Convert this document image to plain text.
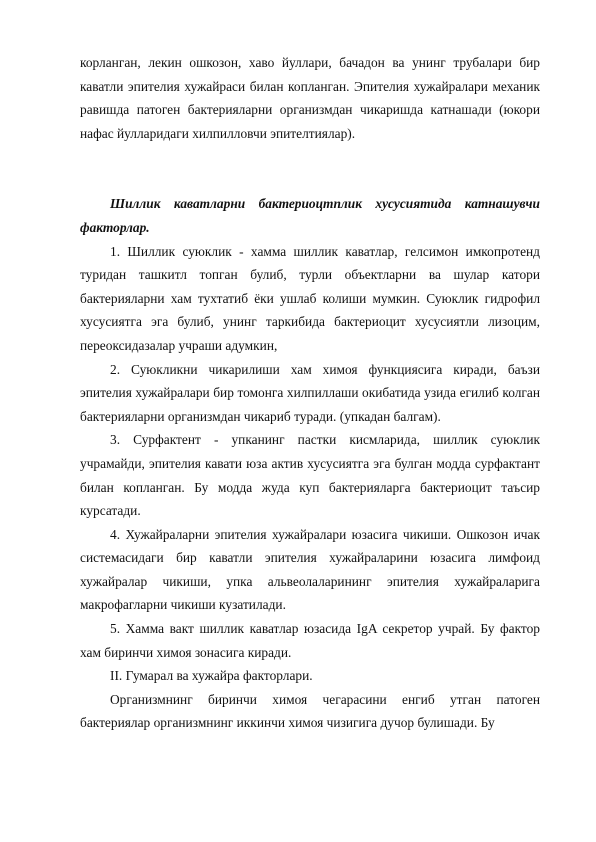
корланган, лекин ошкозон, хаво йуллари, бачадон ва унинг трубалари бир каватли эпителия хужайраси билан копланган. Эпителия хужайралари механик равишда патоген бактерияларни организмдан чикаришда катнашади (юкори нафас йулларидаги хилпилловчи эпителтиялар).

Шиллик каватларни бактериоцтплик хусусиятида катнашувчи факторлар.

1. Шиллик суюклик - хамма шиллик каватлар, гелсимон имкопротенд туридан ташкитл топган булиб, турли объектларни ва шулар катори бактерияларни хам тухтатиб ёки ушлаб колиши мумкин. Суюклик гидрофил хусусиятга эга булиб, унинг таркибида бактериоцит хусусиятли лизоцим, переоксидазалар учраши адумкин,

2. Суюкликни чикарилиши хам химоя функциясига киради, баъзи эпителия хужайралари бир томонга хилпиллаши окибатида узида егилиб колган бактерияларни организмдан чикариб туради. (упкадан балгам).

3. Сурфактент - упканинг пастки кисмларида, шиллик суюклик учрамайди, эпителия кавати юза актив хусусиятга эга булган модда сурфактант билан копланган. Бу модда жуда куп бактерияларга бактериоцит таъсир курсатади.

4. Хужайраларни эпителия хужайралари юзасига чикиши. Ошкозон ичак системасидаги бир каватли эпителия хужайраларини юзасига лимфоид хужайралар чикиши, упка альвеолаларининг эпителия хужайраларига макрофагларни чикиши кузатилади.

5. Хамма вакт шиллик каватлар юзасида IgA секретор учрай. Бу фактор хам биринчи химоя зонасига киради.

II. Гумарал ва хужайра факторлари.

Организмнинг биринчи химоя чегарасини енгиб утган патоген бактериялар организмнинг иккинчи химоя чизигига дучор булишади. Бу
